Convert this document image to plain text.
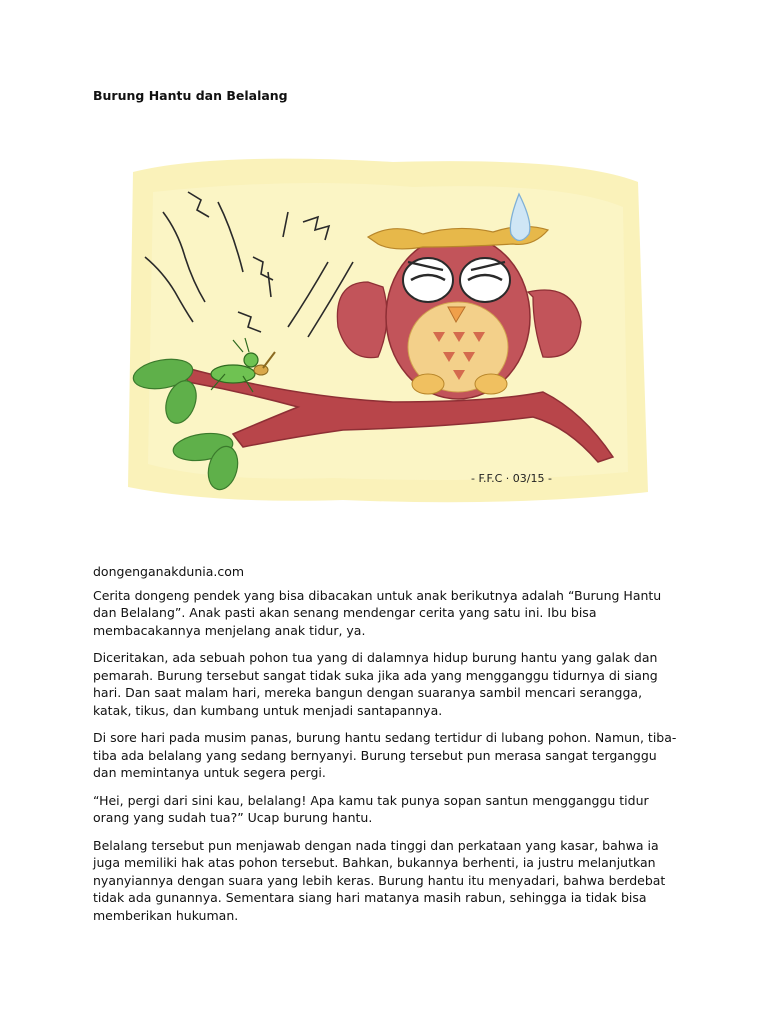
Burung Hantu dan Belalang
- F.F.C · 03/15 -

dongenganakdunia.com

Cerita dongeng pendek yang bisa dibacakan untuk anak berikutnya adalah “Burung Hantu dan Belalang”. Anak pasti akan senang mendengar cerita yang satu ini. Ibu bisa membacakannya menjelang anak tidur, ya.

Diceritakan, ada sebuah pohon tua yang di dalamnya hidup burung hantu yang galak dan pemarah. Burung tersebut sangat tidak suka jika ada yang mengganggu tidurnya di siang hari. Dan saat malam hari, mereka bangun dengan suaranya sambil mencari serangga, katak, tikus, dan kumbang untuk menjadi santapannya.

Di sore hari pada musim panas, burung hantu sedang tertidur di lubang pohon. Namun, tiba-tiba ada belalang yang sedang bernyanyi. Burung tersebut pun merasa sangat terganggu dan memintanya untuk segera pergi.

“Hei, pergi dari sini kau, belalang! Apa kamu tak punya sopan santun mengganggu tidur orang yang sudah tua?” Ucap burung hantu.

Belalang tersebut pun menjawab dengan nada tinggi dan perkataan yang kasar, bahwa ia juga memiliki hak atas pohon tersebut. Bahkan, bukannya berhenti, ia justru melanjutkan nyanyiannya dengan suara yang lebih keras. Burung hantu itu menyadari, bahwa berdebat tidak ada gunannya. Sementara siang hari matanya masih rabun, sehingga ia tidak bisa memberikan hukuman.
